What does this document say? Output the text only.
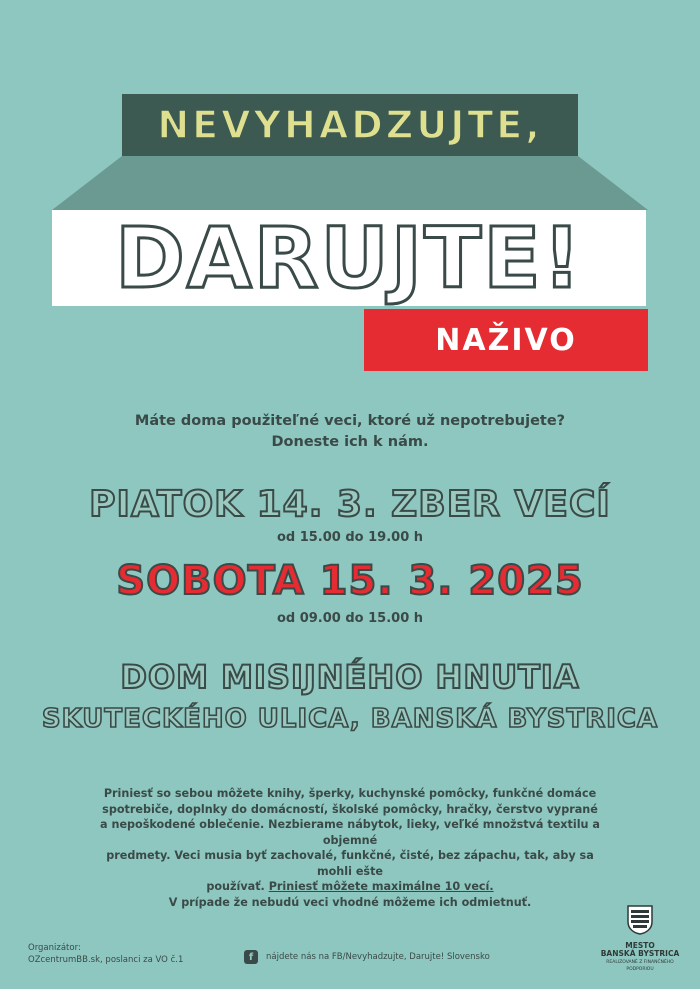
NEVYHADZUJTE,
DARUJTE!
NAŽIVO
Máte doma použiteľné veci, ktoré už nepotrebujete?
Doneste ich k nám.
PIATOK 14. 3. ZBER VECÍ
od 15.00 do 19.00 h
SOBOTA 15. 3. 2025
od 09.00 do 15.00 h
DOM MISIJNÉHO HNUTIA
SKUTECKÉHO ULICA, BANSKÁ BYSTRICA
Priniesť so sebou môžete knihy, šperky, kuchynské pomôcky, funkčné domáce
spotrebiče, doplnky do domácností, školské pomôcky, hračky, čerstvo vyprané
a nepoškodené oblečenie. Nezbierame nábytok, lieky, veľké množstvá textilu a objemné
predmety. Veci musia byť zachovalé, funkčné, čisté, bez zápachu, tak, aby sa mohli ešte
používať. Priniesť môžete maximálne 10 vecí.
V prípade že nebudú veci vhodné môžeme ich odmietnuť.
Organizátor:
OZcentrumBB.sk, poslanci za VO č.1	f	nájdete nás na FB/Nevyhadzujte, Darujte! Slovensko
MESTO
BANSKÁ BYSTRICA
REALIZOVANÉ Z FINANČNÉHO
PODPORIOU
